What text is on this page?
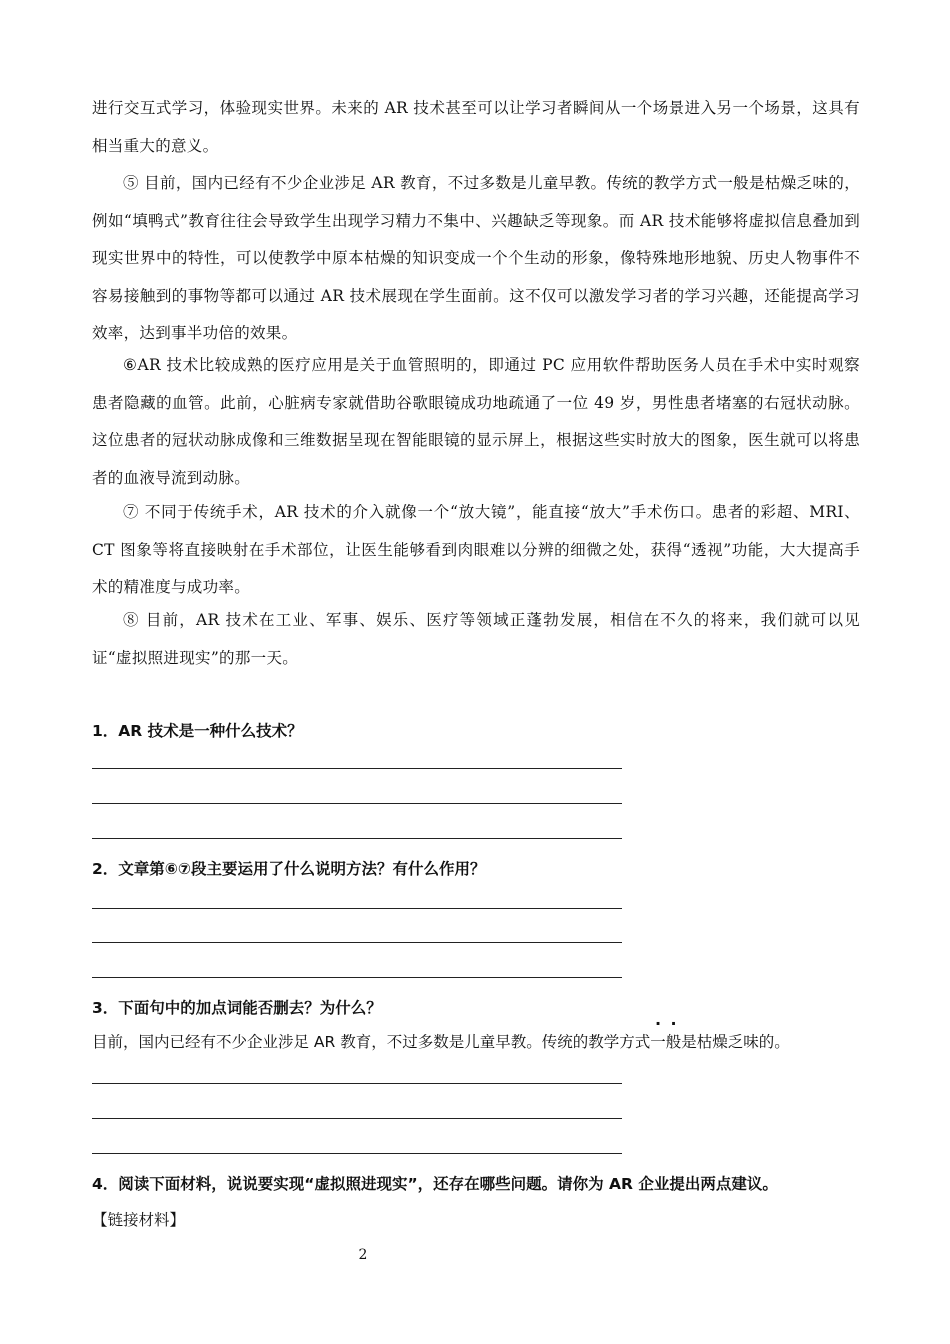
进行交互式学习，体验现实世界。未来的 AR 技术甚至可以让学习者瞬间从一个场景进入另一个场景，这具有相当重大的意义。

⑤ 目前，国内已经有不少企业涉足 AR 教育，不过多数是儿童早教。传统的教学方式一般是枯燥乏味的，例如“填鸭式”教育往往会导致学生出现学习精力不集中、兴趣缺乏等现象。而 AR 技术能够将虚拟信息叠加到现实世界中的特性，可以使教学中原本枯燥的知识变成一个个生动的形象，像特殊地形地貌、历史人物事件不容易接触到的事物等都可以通过 AR 技术展现在学生面前。这不仅可以激发学习者的学习兴趣，还能提高学习效率，达到事半功倍的效果。

⑥AR 技术比较成熟的医疗应用是关于血管照明的，即通过 PC 应用软件帮助医务人员在手术中实时观察患者隐藏的血管。此前，心脏病专家就借助谷歌眼镜成功地疏通了一位 49 岁，男性患者堵塞的右冠状动脉。这位患者的冠状动脉成像和三维数据呈现在智能眼镜的显示屏上，根据这些实时放大的图象，医生就可以将患者的血液导流到动脉。

⑦ 不同于传统手术，AR 技术的介入就像一个“放大镜”，能直接“放大”手术伤口。患者的彩超、MRI、CT 图象等将直接映射在手术部位，让医生能够看到肉眼难以分辨的细微之处，获得“透视”功能，大大提高手术的精准度与成功率。

⑧ 目前，AR 技术在工业、军事、娱乐、医疗等领域正蓬勃发展，相信在不久的将来，我们就可以见证“虚拟照进现实”的那一天。

1．AR 技术是一种什么技术？

2．文章第⑥⑦段主要运用了什么说明方法？有什么作用？

3．下面句中的加点词能否删去？为什么？

目前，国内已经有不少企业涉足 AR 教育，不过多数是儿童早教。传统的教学方式一般是枯燥乏味的。

4．阅读下面材料，说说要实现“虚拟照进现实”，还存在哪些问题。请你为 AR 企业提出两点建议。

【链接材料】

2
